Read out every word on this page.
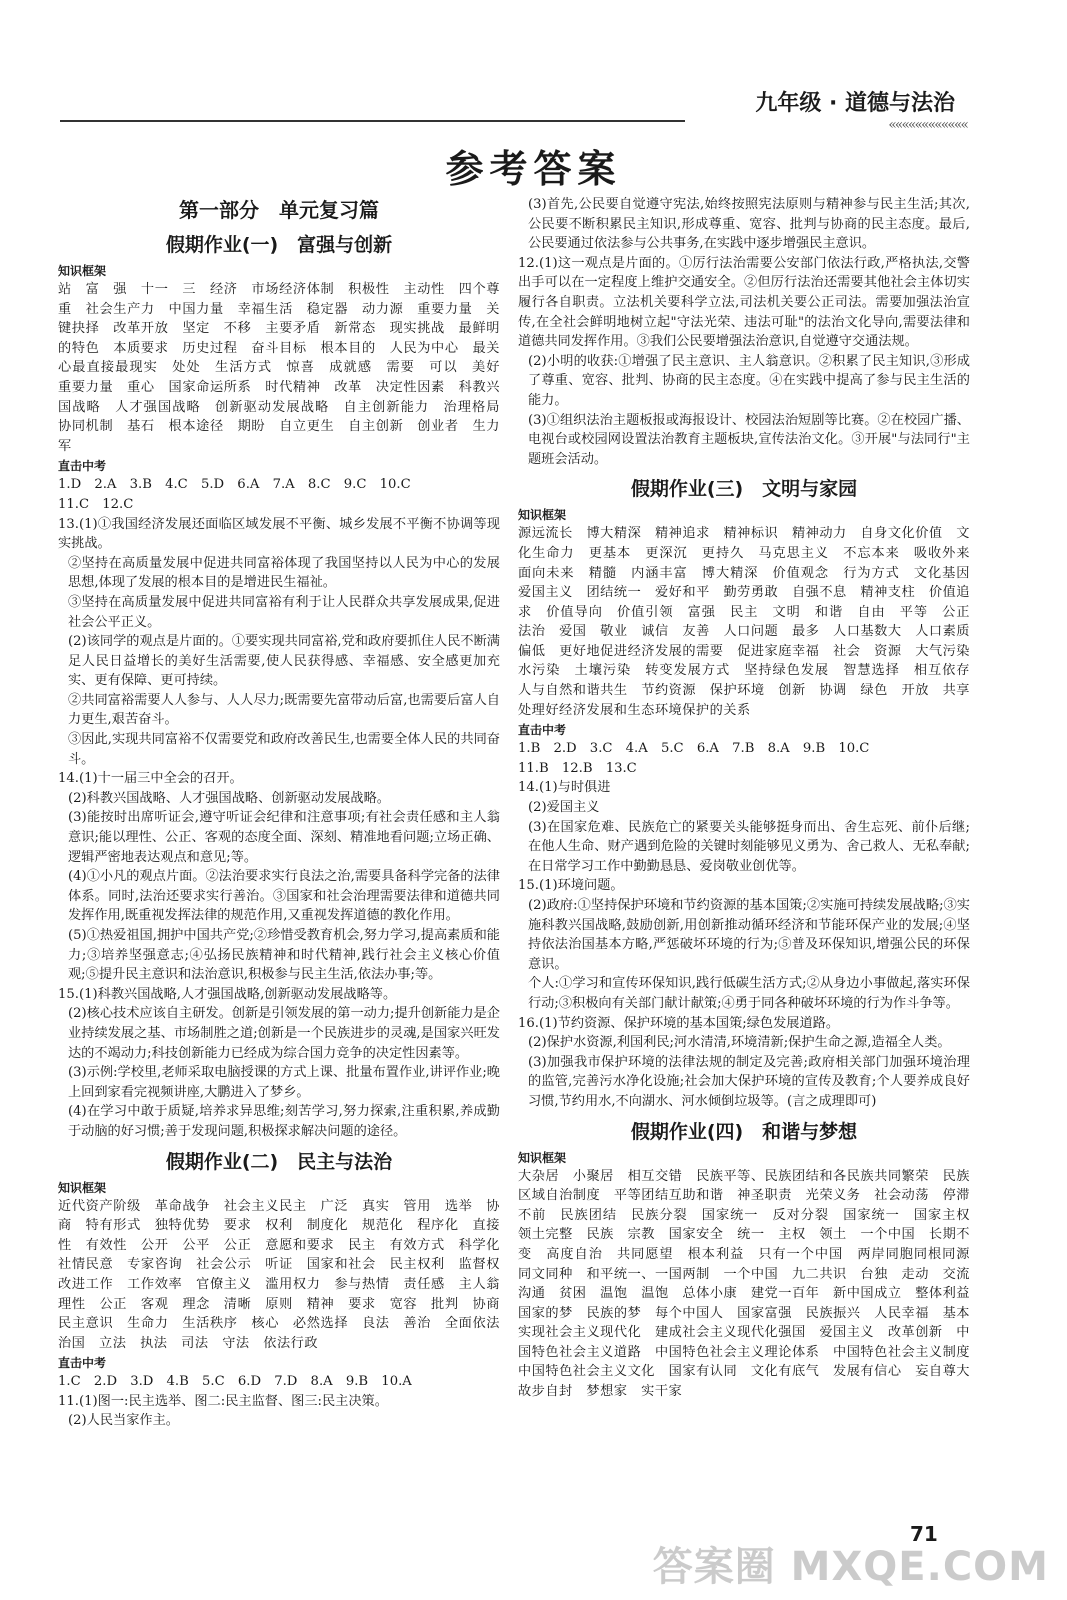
九年级 · 道德与法治
««««««««««««
参考答案
第一部分　单元复习篇
假期作业(一)　富强与创新
知识框架
站　富　强　十一　三　经济　市场经济体制　积极性　主动性　四个尊重　社会生产力　中国力量　幸福生活　稳定器　动力源　重要力量　关键抉择　改革开放　坚定　不移　主要矛盾　新常态　现实挑战　最鲜明的特色　本质要求　历史过程　奋斗目标　根本目的　人民为中心　最关心最直接最现实　处处　生活方式　惊喜　成就感　需要　可以　美好　重要力量　重心　国家命运所系　时代精神　改革　决定性因素　科教兴国战略　人才强国战略　创新驱动发展战略　自主创新能力　治理格局　协同机制　基石　根本途径　期盼　自立更生　自主创新　创业者　生力军
直击中考
1.D　2.A　3.B　4.C　5.D　6.A　7.A　8.C　9.C　10.C
11.C　12.C
13.(1)①我国经济发展还面临区域发展不平衡、城乡发展不平衡不协调等现实挑战。
②坚持在高质量发展中促进共同富裕体现了我国坚持以人民为中心的发展思想,体现了发展的根本目的是增进民生福祉。
③坚持在高质量发展中促进共同富裕有利于让人民群众共享发展成果,促进社会公平正义。
(2)该同学的观点是片面的。①要实现共同富裕,党和政府要抓住人民不断满足人民日益增长的美好生活需要,使人民获得感、幸福感、安全感更加充实、更有保障、更可持续。
②共同富裕需要人人参与、人人尽力;既需要先富带动后富,也需要后富人自力更生,艰苦奋斗。
③因此,实现共同富裕不仅需要党和政府改善民生,也需要全体人民的共同奋斗。
14.(1)十一届三中全会的召开。
(2)科教兴国战略、人才强国战略、创新驱动发展战略。
(3)能按时出席听证会,遵守听证会纪律和注意事项;有社会责任感和主人翁意识;能以理性、公正、客观的态度全面、深刻、精准地看问题;立场正确、逻辑严密地表达观点和意见;等。
(4)①小凡的观点片面。②法治要求实行良法之治,需要具备科学完备的法律体系。同时,法治还要求实行善治。③国家和社会治理需要法律和道德共同发挥作用,既重视发挥法律的规范作用,又重视发挥道德的教化作用。
(5)①热爱祖国,拥护中国共产党;②珍惜受教育机会,努力学习,提高素质和能力;③培养坚强意志;④弘扬民族精神和时代精神,践行社会主义核心价值观;⑤提升民主意识和法治意识,积极参与民主生活,依法办事;等。
15.(1)科教兴国战略,人才强国战略,创新驱动发展战略等。
(2)核心技术应该自主研发。创新是引领发展的第一动力;提升创新能力是企业持续发展之基、市场制胜之道;创新是一个民族进步的灵魂,是国家兴旺发达的不竭动力;科技创新能力已经成为综合国力竞争的决定性因素等。
(3)示例:学校里,老师采取电脑授课的方式上课、批量布置作业,讲评作业;晚上回到家看完视频讲座,大鹏进入了梦乡。
(4)在学习中敢于质疑,培养求异思维;刻苦学习,努力探索,注重积累,养成勤于动脑的好习惯;善于发现问题,积极探求解决问题的途径。
假期作业(二)　民主与法治
知识框架
近代资产阶级　革命战争　社会主义民主　广泛　真实　管用　选举　协商　特有形式　独特优势　要求　权利　制度化　规范化　程序化　直接性　有效性　公开　公平　公正　意愿和要求　民主　有效方式　科学化　社情民意　专家咨询　社会公示　听证　国家和社会　民主权利　监督权　改进工作　工作效率　官僚主义　滥用权力　参与热情　责任感　主人翁理性　公正　客观　理念　清晰　原则　精神　要求　宽容　批判　协商　民主意识　生命力　生活秩序　核心　必然选择　良法　善治　全面依法治国　立法　执法　司法　守法　依法行政
直击中考
1.C　2.D　3.D　4.B　5.C　6.D　7.D　8.A　9.B　10.A
11.(1)图一:民主选举、图二:民主监督、图三:民主决策。
(2)人民当家作主。
(3)首先,公民要自觉遵守宪法,始终按照宪法原则与精神参与民主生活;其次,公民要不断积累民主知识,形成尊重、宽容、批判与协商的民主态度。最后,公民要通过依法参与公共事务,在实践中逐步增强民主意识。
12.(1)这一观点是片面的。①厉行法治需要公安部门依法行政,严格执法,交警出手可以在一定程度上维护交通安全。②但厉行法治还需要其他社会主体切实履行各自职责。立法机关要科学立法,司法机关要公正司法。需要加强法治宣传,在全社会鲜明地树立起"守法光荣、违法可耻"的法治文化导向,需要法律和道德共同发挥作用。③我们公民要增强法治意识,自觉遵守交通法规。
(2)小明的收获:①增强了民主意识、主人翁意识。②积累了民主知识,③形成了尊重、宽容、批判、协商的民主态度。④在实践中提高了参与民主生活的能力。
(3)①组织法治主题板报或海报设计、校园法治短剧等比赛。②在校园广播、电视台或校园网设置法治教育主题板块,宣传法治文化。③开展"与法同行"主题班会活动。
假期作业(三)　文明与家园
知识框架
源远流长　博大精深　精神追求　精神标识　精神动力　自身文化价值　文化生命力　更基本　更深沉　更持久　马克思主义　不忘本来　吸收外来　面向未来　精髓　内涵丰富　博大精深　价值观念　行为方式　文化基因　爱国主义　团结统一　爱好和平　勤劳勇敢　自强不息　精神支柱　价值追求　价值导向　价值引领　富强　民主　文明　和谐　自由　平等　公正　法治　爱国　敬业　诚信　友善　人口问题　最多　人口基数大　人口素质偏低　更好地促进经济发展的需要　促进家庭幸福　社会　资源　大气污染　水污染　土壤污染　转变发展方式　坚持绿色发展　智慧选择　相互依存　人与自然和谐共生　节约资源　保护环境　创新　协调　绿色　开放　共享　处理好经济发展和生态环境保护的关系
直击中考
1.B　2.D　3.C　4.A　5.C　6.A　7.B　8.A　9.B　10.C
11.B　12.B　13.C
14.(1)与时俱进
(2)爱国主义
(3)在国家危难、民族危亡的紧要关头能够挺身而出、舍生忘死、前仆后继;在他人生命、财产遇到危险的关键时刻能够见义勇为、舍己救人、无私奉献;在日常学习工作中勤勤恳恳、爱岗敬业创优等。
15.(1)环境问题。
(2)政府:①坚持保护环境和节约资源的基本国策;②实施可持续发展战略;③实施科教兴国战略,鼓励创新,用创新推动循环经济和节能环保产业的发展;④坚持依法治国基本方略,严惩破坏环境的行为;⑤普及环保知识,增强公民的环保意识。
个人:①学习和宣传环保知识,践行低碳生活方式;②从身边小事做起,落实环保行动;③积极向有关部门献计献策;④勇于同各种破坏环境的行为作斗争等。
16.(1)节约资源、保护环境的基本国策;绿色发展道路。
(2)保护水资源,利国利民;河水清清,环境清新;保护生命之源,造福全人类。
(3)加强我市保护环境的法律法规的制定及完善;政府相关部门加强环境治理的监管,完善污水净化设施;社会加大保护环境的宣传及教育;个人要养成良好习惯,节约用水,不向湖水、河水倾倒垃圾等。(言之成理即可)
假期作业(四)　和谐与梦想
知识框架
大杂居　小聚居　相互交错　民族平等、民族团结和各民族共同繁荣　民族区域自治制度　平等团结互助和谐　神圣职责　光荣义务　社会动荡　停滞不前　民族团结　民族分裂　国家统一　反对分裂　国家统一　国家主权　领土完整　民族　宗教　国家安全　统一　主权　领土　一个中国　长期不变　高度自治　共同愿望　根本利益　只有一个中国　两岸同胞同根同源　同文同种　和平统一、一国两制　一个中国　九二共识　台独　走动　交流　沟通　贫困　温饱　温饱　总体小康　建党一百年　新中国成立　整体利益　国家的梦　民族的梦　每个中国人　国家富强　民族振兴　人民幸福　基本实现社会主义现代化　建成社会主义现代化强国　爱国主义　改革创新　中国特色社会主义道路　中国特色社会主义理论体系　中国特色社会主义制度　中国特色社会主义文化　国家有认同　文化有底气　发展有信心　妄自尊大　故步自封　梦想家　实干家
71
答案圈 MXQE.COM
